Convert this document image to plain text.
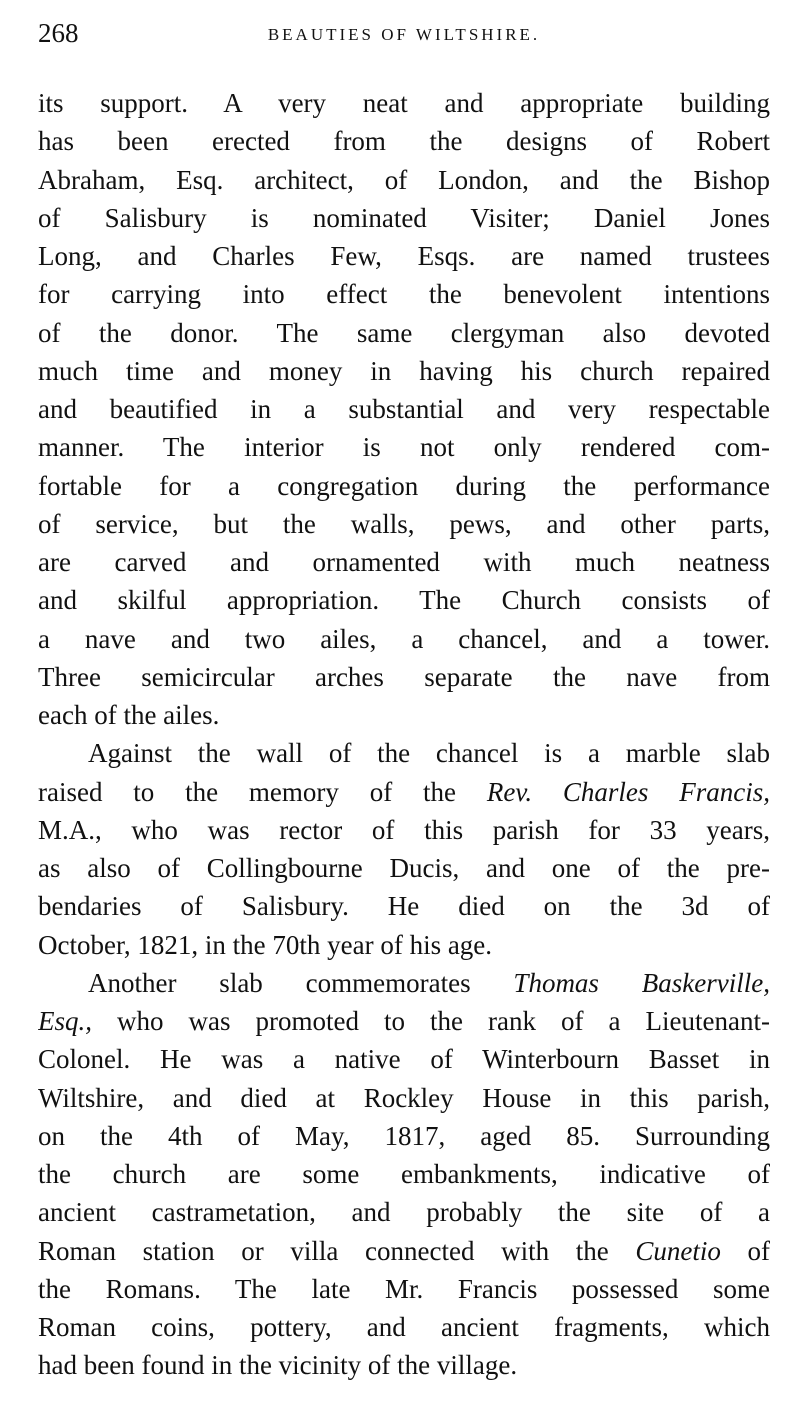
268	BEAUTIES OF WILTSHIRE.
its support. A very neat and appropriate building
has been erected from the designs of Robert
Abraham, Esq. architect, of London, and the Bishop
of Salisbury is nominated Visiter; Daniel Jones
Long, and Charles Few, Esqs. are named trustees
for carrying into effect the benevolent intentions
of the donor. The same clergyman also devoted
much time and money in having his church repaired
and beautified in a substantial and very respectable
manner. The interior is not only rendered com-
fortable for a congregation during the performance
of service, but the walls, pews, and other parts,
are carved and ornamented with much neatness
and skilful appropriation. The Church consists of
a nave and two ailes, a chancel, and a tower.
Three semicircular arches separate the nave from
each of the ailes.
Against the wall of the chancel is a marble slab
raised to the memory of the Rev. Charles Francis,
M.A., who was rector of this parish for 33 years,
as also of Collingbourne Ducis, and one of the pre-
bendaries of Salisbury. He died on the 3d of
October, 1821, in the 70th year of his age.
Another slab commemorates Thomas Baskerville,
Esq., who was promoted to the rank of a Lieutenant-
Colonel. He was a native of Winterbourn Basset in
Wiltshire, and died at Rockley House in this parish,
on the 4th of May, 1817, aged 85. Surrounding
the church are some embankments, indicative of
ancient castrametation, and probably the site of a
Roman station or villa connected with the Cunetio of
the Romans. The late Mr. Francis possessed some
Roman coins, pottery, and ancient fragments, which
had been found in the vicinity of the village.
